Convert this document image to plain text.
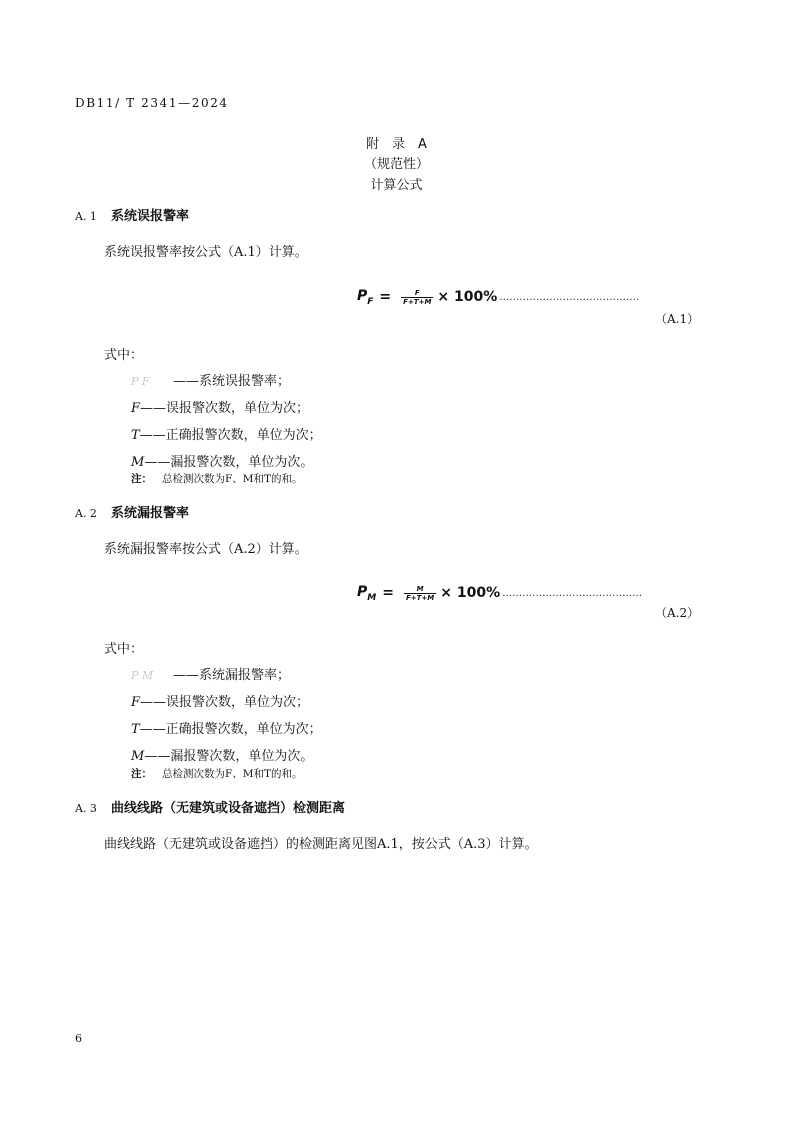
DB11/ T 2341—2024
附　录　A
（规范性）
计算公式
A. 1 系统误报警率
系统误报警率按公式（A.1）计算。
$P_F = \frac{F}{F+T+M} \times 100\%$ ……………………………………
（A.1）
式中：
P F ——系统误报警率；
F——误报警次数，单位为次；
T——正确报警次数，单位为次；
M——漏报警次数，单位为次。
注： 总检测次数为F、M和T的和。
A. 2 系统漏报警率
系统漏报警率按公式（A.2）计算。
$P_M = \frac{M}{F+T+M} \times 100\%$ ……………………………………
（A.2）
式中：
P M ——系统漏报警率；
F——误报警次数，单位为次；
T——正确报警次数，单位为次；
M——漏报警次数，单位为次。
注： 总检测次数为F、M和T的和。
A. 3 曲线线路（无建筑或设备遮挡）检测距离
曲线线路（无建筑或设备遮挡）的检测距离见图A.1，按公式（A.3）计算。
6
